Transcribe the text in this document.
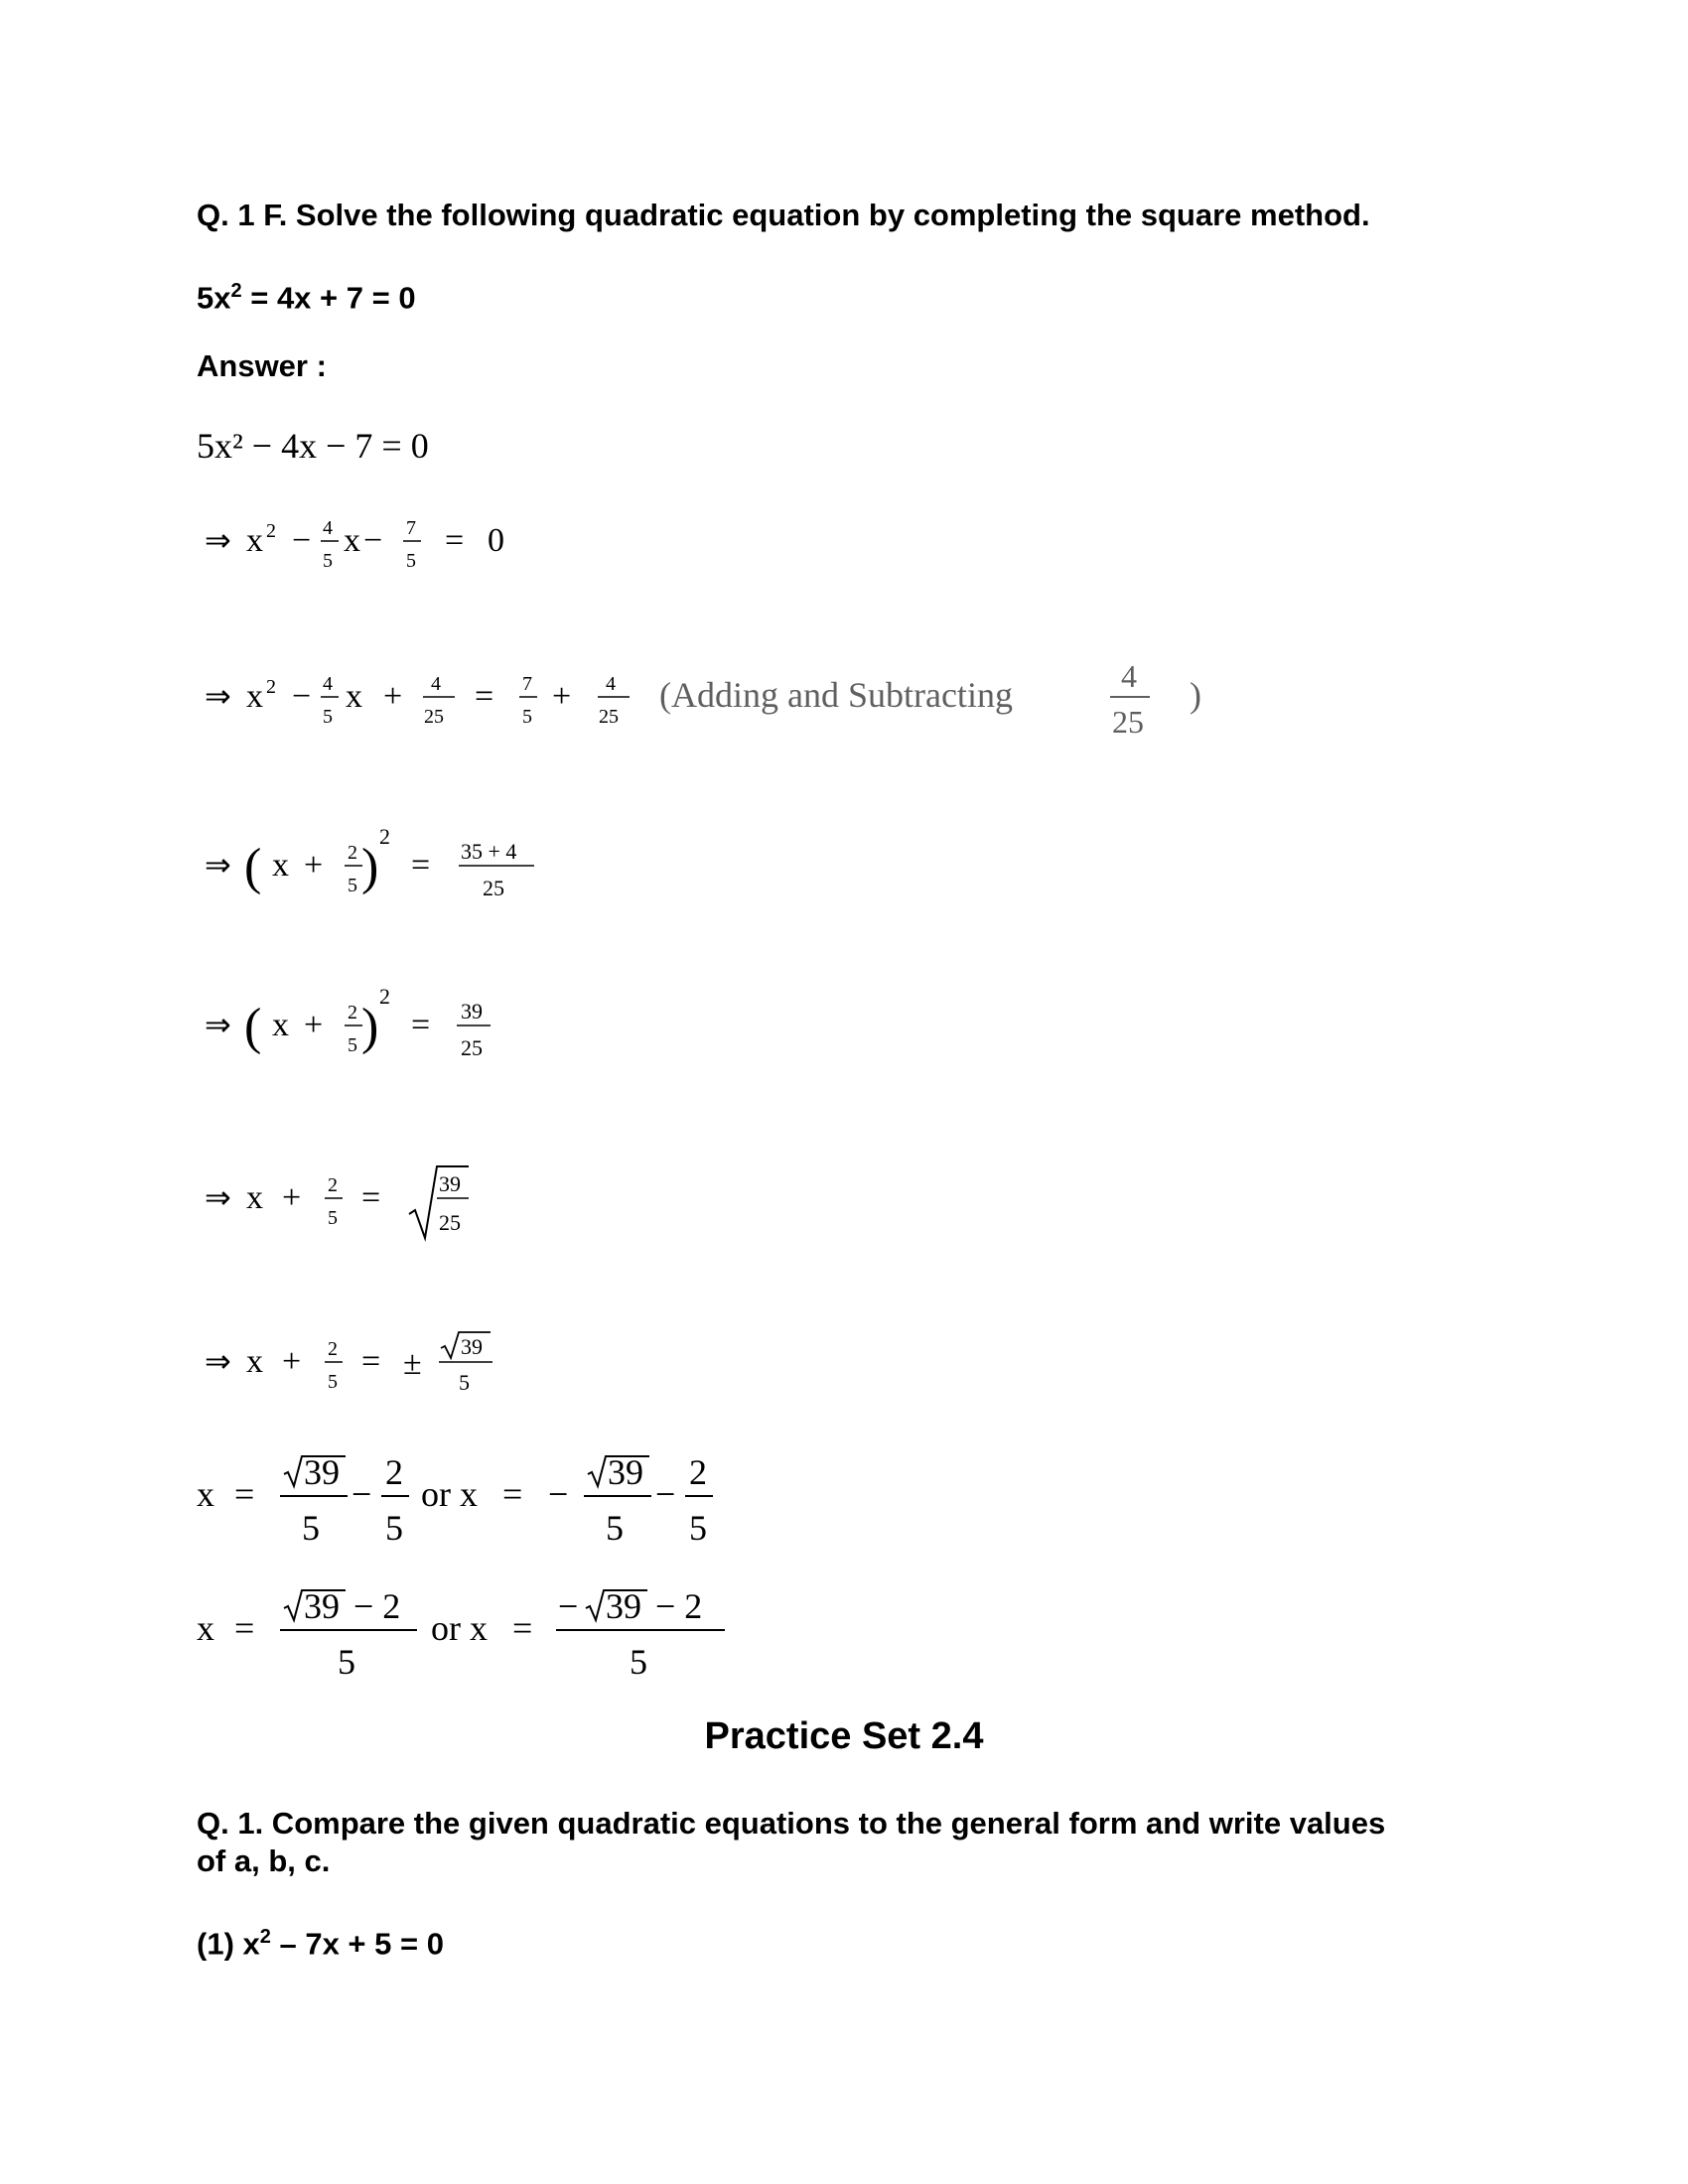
Q. 1 F. Solve the following quadratic equation by completing the square method.
$5x^2 = 4x + 7 = 0$
Answer :
5x² − 4x − 7 = 0
⇒ x 2 − 4
5
x − 7
5
= 0
⇒ x 2 − 4
5
x + 4
25
= 7
5
+ 4
25
(Adding and Subtracting	4
25
)
⇒ ( x + 2
5 )
2
= 35 + 4
25
⇒ ( x + 2
5 )
2
= 39
25
⇒ x + 2
5
=	39
25
⇒ x + 2
5
= ± 39
5
x =
39
5
−
2
5
or x = −
39
5
−
2
5
x =
39 − 2
5
or x =
− 39 − 2
5
Practice Set 2.4
Q. 1. Compare the given quadratic equations to the general form and write values
of a, b, c.
(1) $x^2 - 7x + 5 = 0$
